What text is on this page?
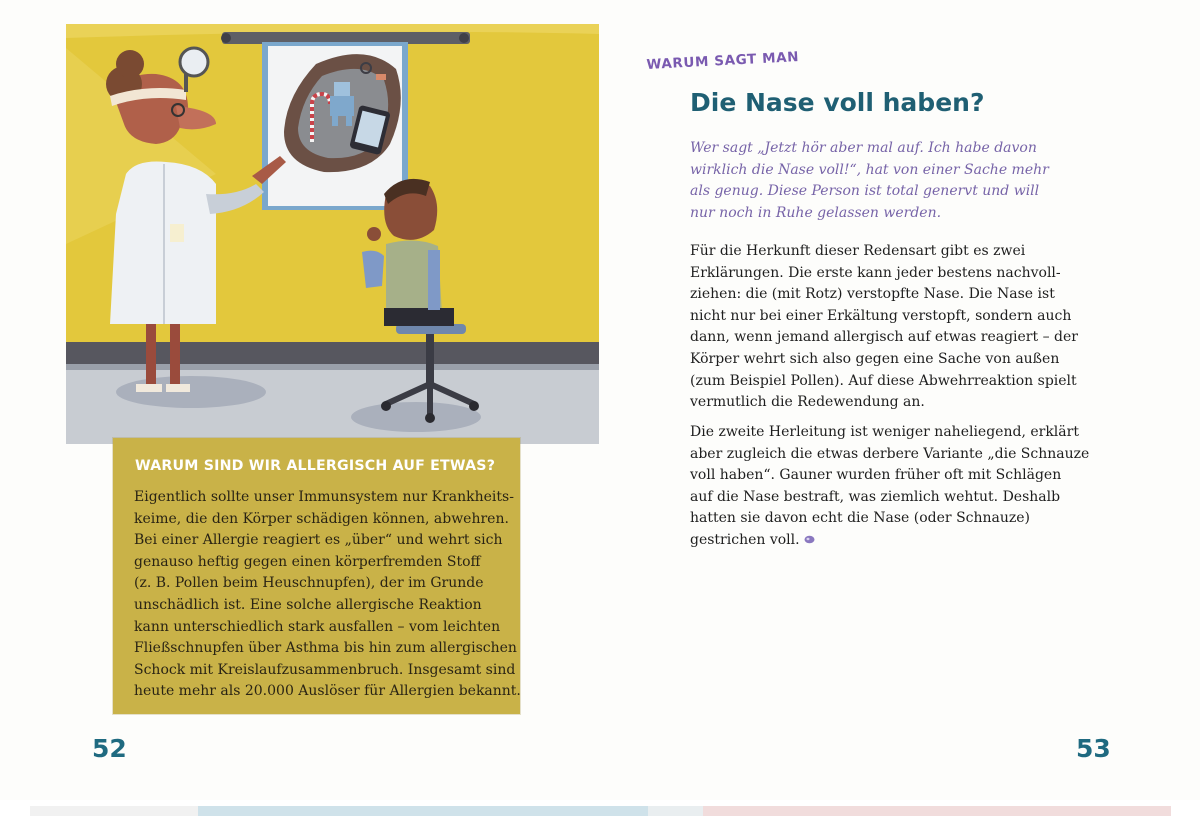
WARUM SIND WIR ALLERGISCH AUF ETWAS?
Eigentlich sollte unser Immunsystem nur Krankheits-
keime, die den Körper schädigen können, abwehren.
Bei einer Allergie reagiert es „über“ und wehrt sich
genauso heftig gegen einen körperfremden Stoff
(z. B. Pollen beim Heuschnupfen), der im Grunde
unschädlich ist. Eine solche allergische Reaktion
kann unterschiedlich stark ausfallen – vom leichten
Fließschnupfen über Asthma bis hin zum allergischen
Schock mit Kreislaufzusammenbruch. Insgesamt sind
heute mehr als 20.000 Auslöser für Allergien bekannt.
52
WARUM SAGT MAN
Die Nase voll haben?
Wer sagt „Jetzt hör aber mal auf. Ich habe davon
wirklich die Nase voll!“, hat von einer Sache mehr
als genug. Diese Person ist total genervt und will
nur noch in Ruhe gelassen werden.
Für die Herkunft dieser Redensart gibt es zwei
Erklärungen. Die erste kann jeder bestens nachvoll-
ziehen: die (mit Rotz) verstopfte Nase. Die Nase ist
nicht nur bei einer Erkältung verstopft, sondern auch
dann, wenn jemand allergisch auf etwas reagiert – der
Körper wehrt sich also gegen eine Sache von außen
(zum Beispiel Pollen). Auf diese Abwehrreaktion spielt
vermutlich die Redewendung an.
Die zweite Herleitung ist weniger naheliegend, erklärt
aber zugleich die etwas derbere Variante „die Schnauze
voll haben“. Gauner wurden früher oft mit Schlägen
auf die Nase bestraft, was ziemlich wehtut. Deshalb
hatten sie davon echt die Nase (oder Schnauze)
gestrichen voll.
53
